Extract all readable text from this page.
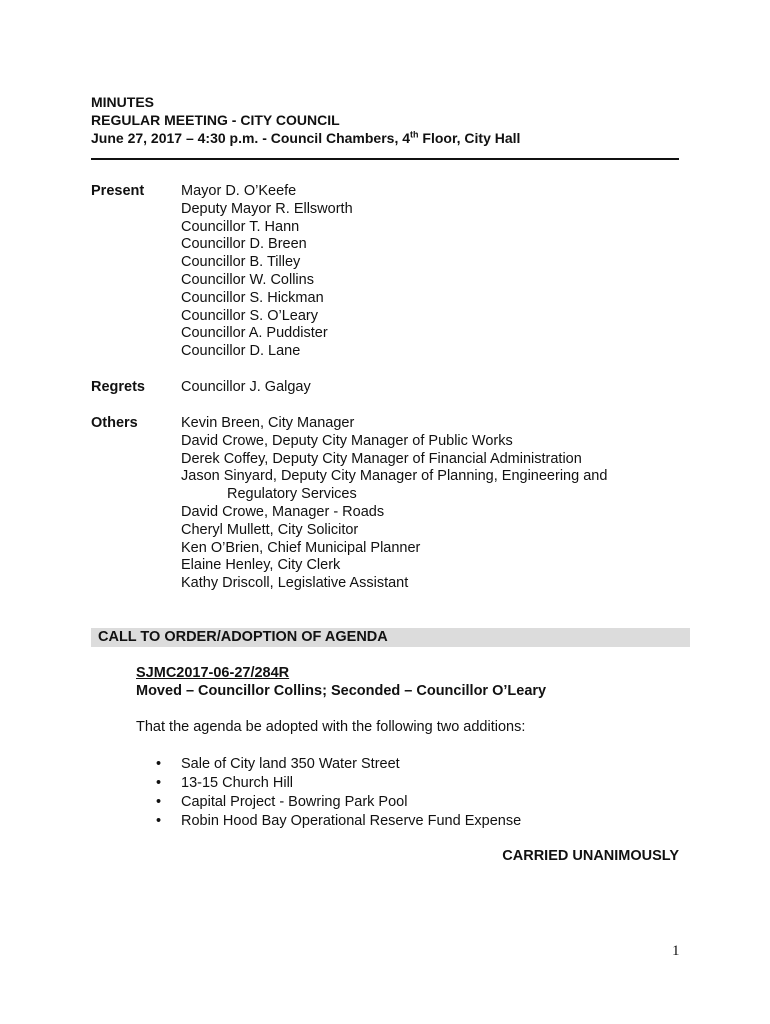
MINUTES
REGULAR MEETING - CITY COUNCIL
June 27, 2017 – 4:30 p.m. - Council Chambers, 4th Floor, City Hall
Present	Mayor D. O’Keefe
Deputy Mayor R. Ellsworth
Councillor T. Hann
Councillor D. Breen
Councillor B. Tilley
Councillor W. Collins
Councillor S. Hickman
Councillor S. O’Leary
Councillor A. Puddister
Councillor D. Lane
Regrets Councillor J. Galgay
Others	Kevin Breen, City Manager
David Crowe, Deputy City Manager of Public Works
Derek Coffey, Deputy City Manager of Financial Administration
Jason Sinyard, Deputy City Manager of Planning, Engineering and
Regulatory Services
David Crowe, Manager - Roads
Cheryl Mullett, City Solicitor
Ken O’Brien, Chief Municipal Planner
Elaine Henley, City Clerk
Kathy Driscoll, Legislative Assistant
CALL TO ORDER/ADOPTION OF AGENDA
SJMC2017-06-27/284R
Moved – Councillor Collins; Seconded – Councillor O’Leary
That the agenda be adopted with the following two additions:
• Sale of City land 350 Water Street
• 13-15 Church Hill
• Capital Project - Bowring Park Pool
• Robin Hood Bay Operational Reserve Fund Expense
CARRIED UNANIMOUSLY
1
